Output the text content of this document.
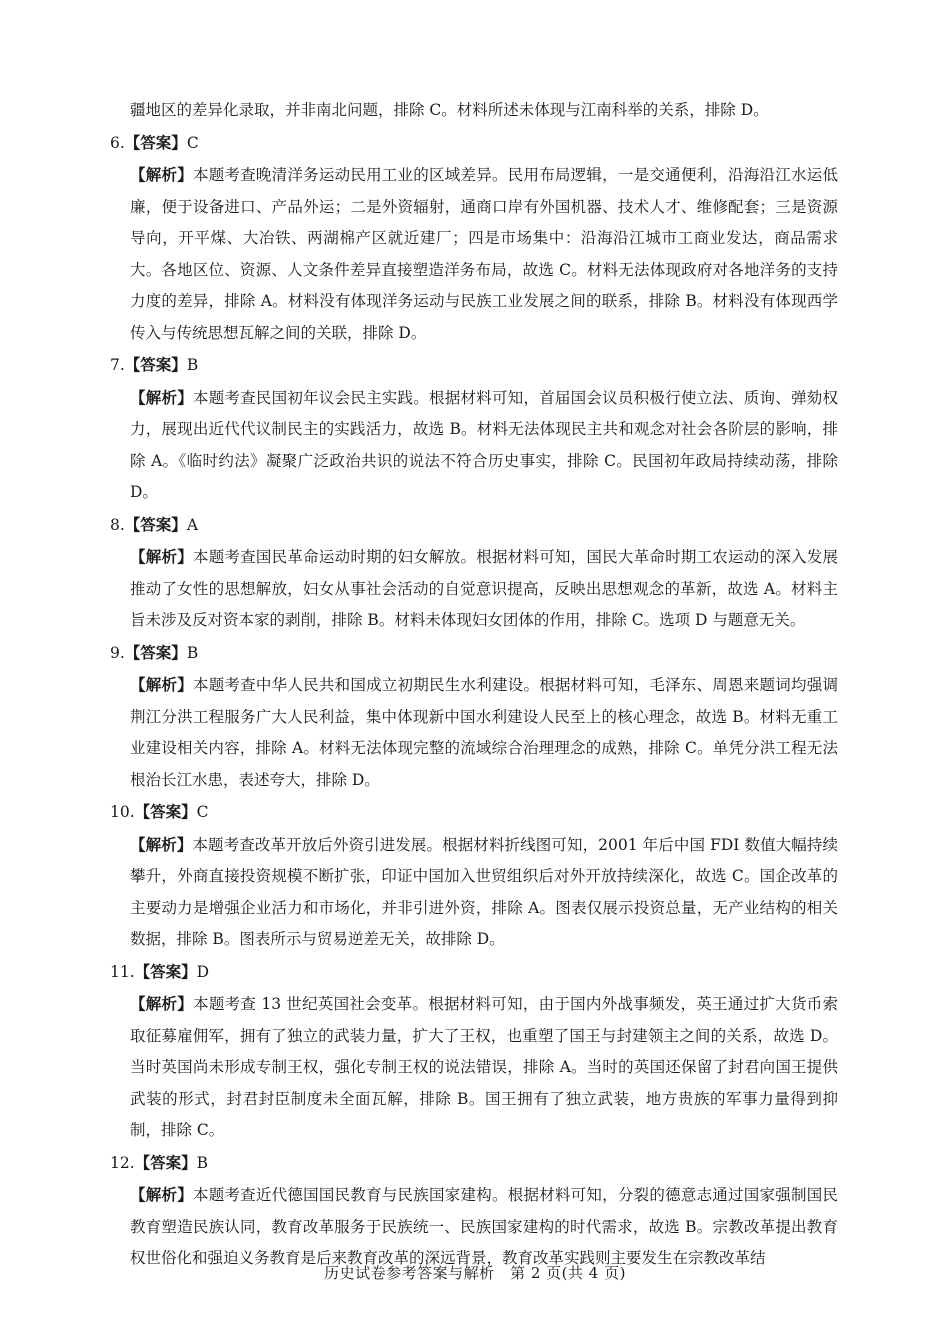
疆地区的差异化录取，并非南北问题，排除 C。材料所述未体现与江南科举的关系，排除 D。

6.【答案】C

【解析】本题考查晚清洋务运动民用工业的区域差异。民用布局逻辑，一是交通便利，沿海沿江水运低廉，便于设备进口、产品外运；二是外资辐射，通商口岸有外国机器、技术人才、维修配套；三是资源导向，开平煤、大冶铁、两湖棉产区就近建厂；四是市场集中：沿海沿江城市工商业发达，商品需求大。各地区位、资源、人文条件差异直接塑造洋务布局，故选 C。材料无法体现政府对各地洋务的支持力度的差异，排除 A。材料没有体现洋务运动与民族工业发展之间的联系，排除 B。材料没有体现西学传入与传统思想瓦解之间的关联，排除 D。

7.【答案】B

【解析】本题考查民国初年议会民主实践。根据材料可知，首届国会议员积极行使立法、质询、弹劾权力，展现出近代代议制民主的实践活力，故选 B。材料无法体现民主共和观念对社会各阶层的影响，排除 A。《临时约法》凝聚广泛政治共识的说法不符合历史事实，排除 C。民国初年政局持续动荡，排除 D。

8.【答案】A

【解析】本题考查国民革命运动时期的妇女解放。根据材料可知，国民大革命时期工农运动的深入发展推动了女性的思想解放，妇女从事社会活动的自觉意识提高，反映出思想观念的革新，故选 A。材料主旨未涉及反对资本家的剥削，排除 B。材料未体现妇女团体的作用，排除 C。选项 D 与题意无关。

9.【答案】B

【解析】本题考查中华人民共和国成立初期民生水利建设。根据材料可知，毛泽东、周恩来题词均强调荆江分洪工程服务广大人民利益，集中体现新中国水利建设人民至上的核心理念，故选 B。材料无重工业建设相关内容，排除 A。材料无法体现完整的流域综合治理理念的成熟，排除 C。单凭分洪工程无法根治长江水患，表述夸大，排除 D。

10.【答案】C

【解析】本题考查改革开放后外资引进发展。根据材料折线图可知，2001 年后中国 FDI 数值大幅持续攀升，外商直接投资规模不断扩张，印证中国加入世贸组织后对外开放持续深化，故选 C。国企改革的主要动力是增强企业活力和市场化，并非引进外资，排除 A。图表仅展示投资总量，无产业结构的相关数据，排除 B。图表所示与贸易逆差无关，故排除 D。

11.【答案】D

【解析】本题考查 13 世纪英国社会变革。根据材料可知，由于国内外战事频发，英王通过扩大货币索取征募雇佣军，拥有了独立的武装力量，扩大了王权，也重塑了国王与封建领主之间的关系，故选 D。当时英国尚未形成专制王权，强化专制王权的说法错误，排除 A。当时的英国还保留了封君向国王提供武装的形式，封君封臣制度未全面瓦解，排除 B。国王拥有了独立武装，地方贵族的军事力量得到抑制，排除 C。

12.【答案】B

【解析】本题考查近代德国国民教育与民族国家建构。根据材料可知，分裂的德意志通过国家强制国民教育塑造民族认同，教育改革服务于民族统一、民族国家建构的时代需求，故选 B。宗教改革提出教育权世俗化和强迫义务教育是后来教育改革的深远背景，教育改革实践则主要发生在宗教改革结

历史试卷参考答案与解析　第 2 页(共 4 页)
